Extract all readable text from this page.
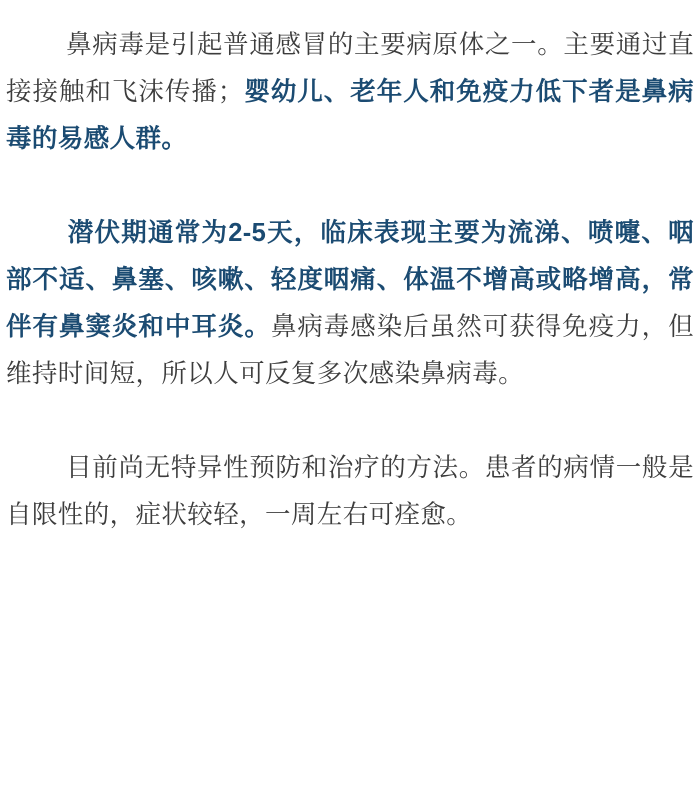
鼻病毒是引起普通感冒的主要病原体之一。主要通过直接接触和飞沫传播；婴幼儿、老年人和免疫力低下者是鼻病毒的易感人群。

潜伏期通常为2-5天，临床表现主要为流涕、喷嚏、咽部不适、鼻塞、咳嗽、轻度咽痛、体温不增高或略增高，常伴有鼻窦炎和中耳炎。鼻病毒感染后虽然可获得免疫力，但维持时间短，所以人可反复多次感染鼻病毒。

目前尚无特异性预防和治疗的方法。患者的病情一般是自限性的，症状较轻，一周左右可痊愈。
